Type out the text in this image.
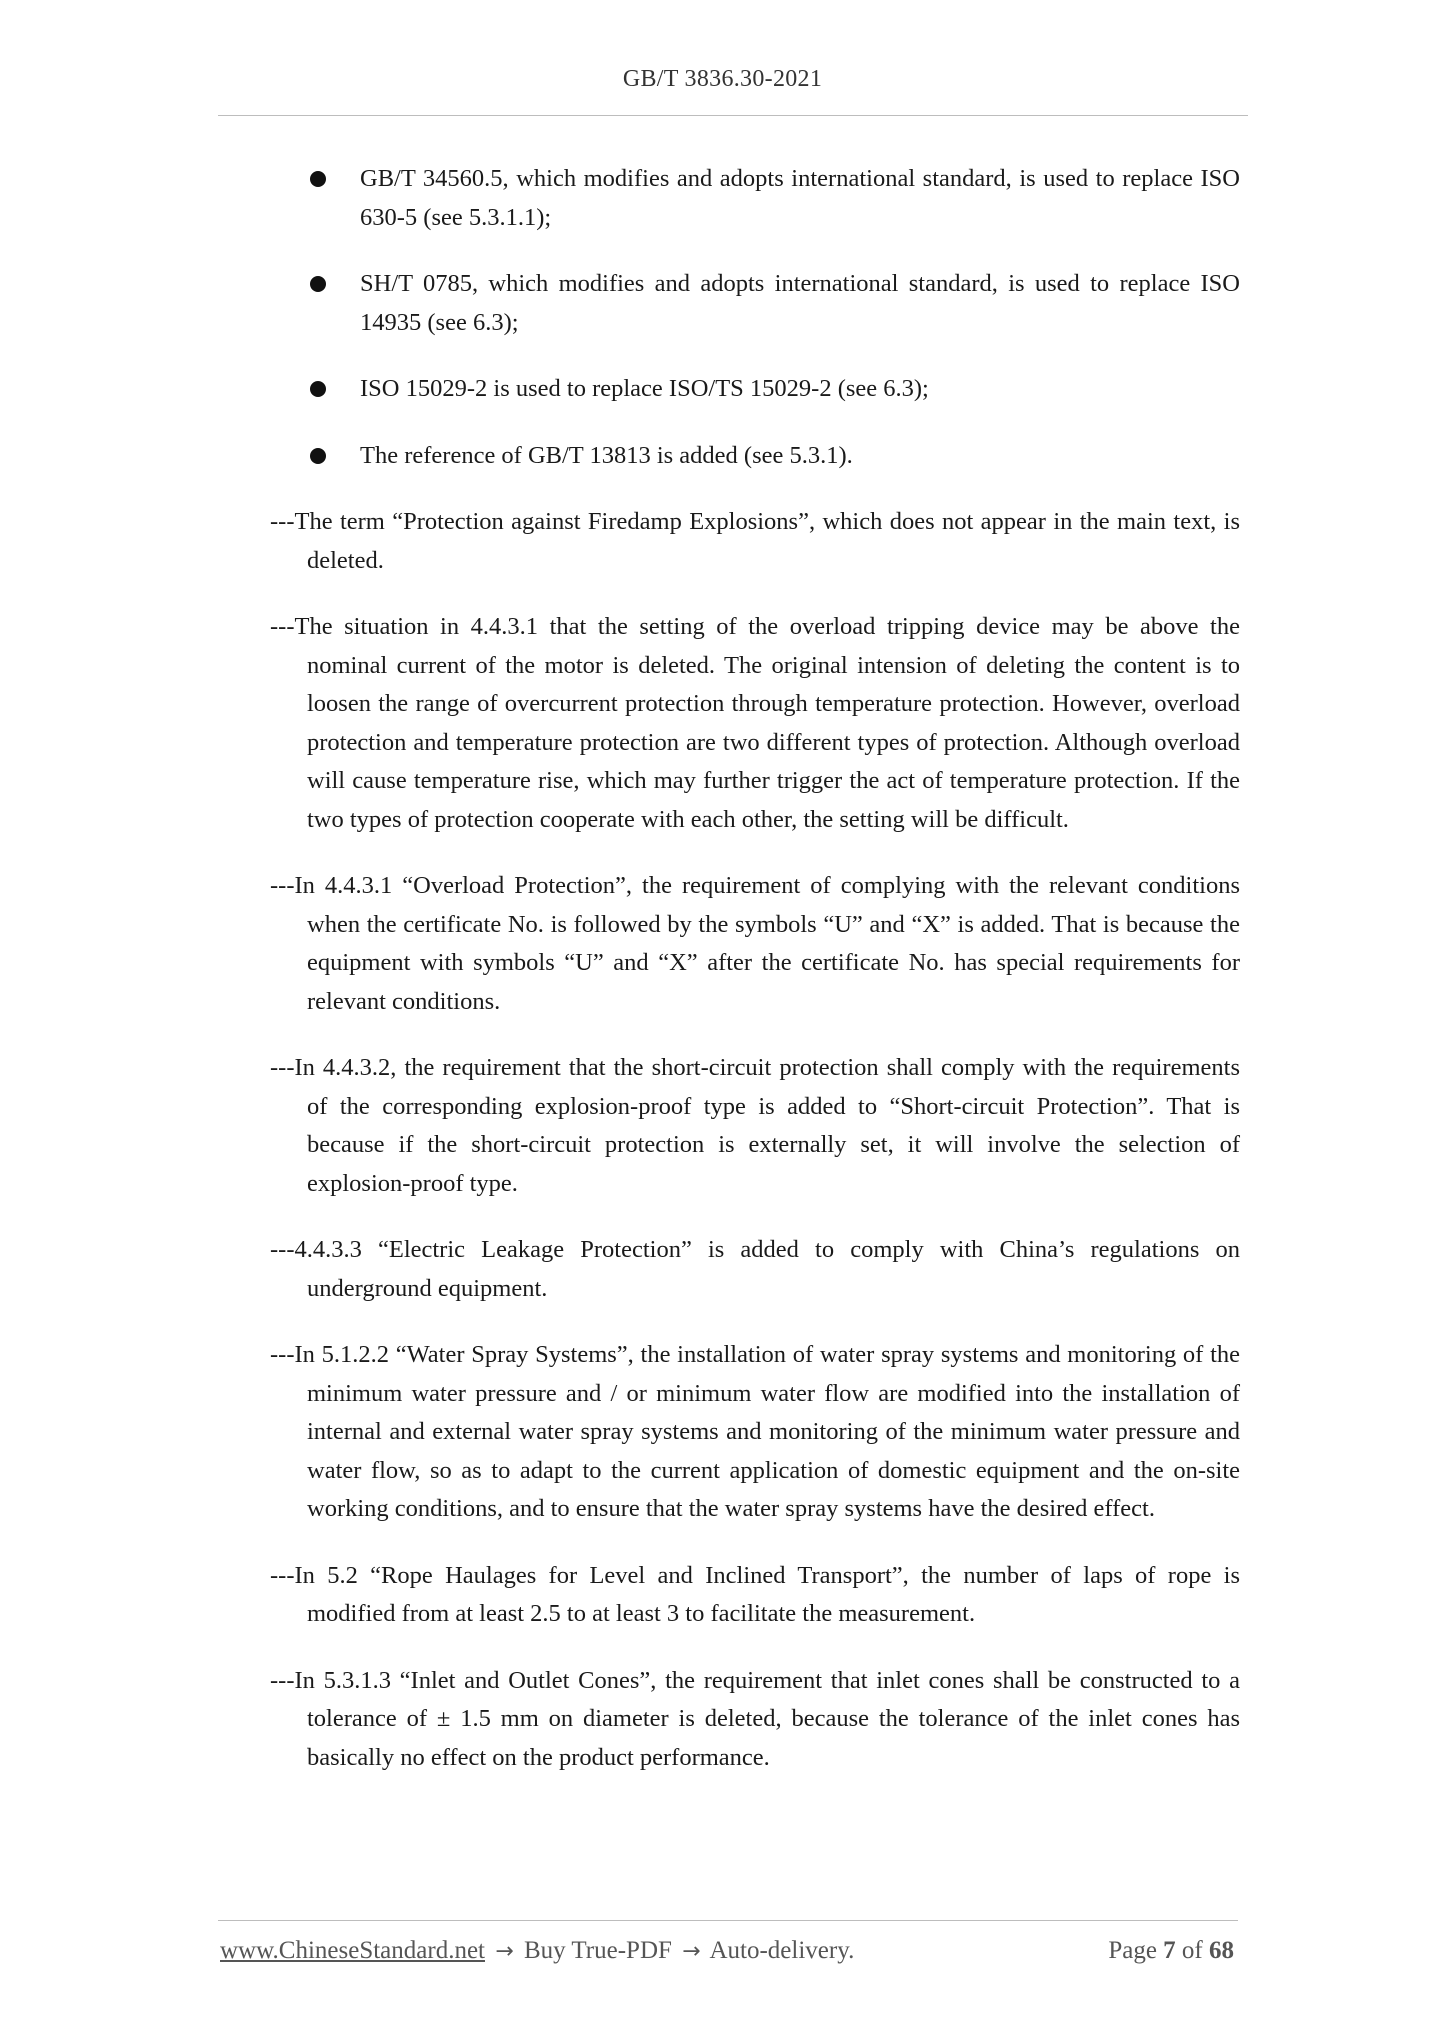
GB/T 3836.30-2021
GB/T 34560.5, which modifies and adopts international standard, is used to replace ISO 630-5 (see 5.3.1.1);
SH/T 0785, which modifies and adopts international standard, is used to replace ISO 14935 (see 6.3);
ISO 15029-2 is used to replace ISO/TS 15029-2 (see 6.3);
The reference of GB/T 13813 is added (see 5.3.1).

---The term “Protection against Firedamp Explosions”, which does not appear in the main text, is deleted.

---The situation in 4.4.3.1 that the setting of the overload tripping device may be above the nominal current of the motor is deleted. The original intension of deleting the content is to loosen the range of overcurrent protection through temperature protection. However, overload protection and temperature protection are two different types of protection. Although overload will cause temperature rise, which may further trigger the act of temperature protection. If the two types of protection cooperate with each other, the setting will be difficult.

---In 4.4.3.1 “Overload Protection”, the requirement of complying with the relevant conditions when the certificate No. is followed by the symbols “U” and “X” is added. That is because the equipment with symbols “U” and “X” after the certificate No. has special requirements for relevant conditions.

---In 4.4.3.2, the requirement that the short-circuit protection shall comply with the requirements of the corresponding explosion-proof type is added to “Short-circuit Protection”. That is because if the short-circuit protection is externally set, it will involve the selection of explosion-proof type.

---4.4.3.3 “Electric Leakage Protection” is added to comply with China’s regulations on underground equipment.

---In 5.1.2.2 “Water Spray Systems”, the installation of water spray systems and monitoring of the minimum water pressure and / or minimum water flow are modified into the installation of internal and external water spray systems and monitoring of the minimum water pressure and water flow, so as to adapt to the current application of domestic equipment and the on-site working conditions, and to ensure that the water spray systems have the desired effect.

---In 5.2 “Rope Haulages for Level and Inclined Transport”, the number of laps of rope is modified from at least 2.5 to at least 3 to facilitate the measurement.

---In 5.3.1.3 “Inlet and Outlet Cones”, the requirement that inlet cones shall be constructed to a tolerance of ± 1.5 mm on diameter is deleted, because the tolerance of the inlet cones has basically no effect on the product performance.

www.ChineseStandard.net → Buy True-PDF → Auto-delivery.	Page 7 of 68
